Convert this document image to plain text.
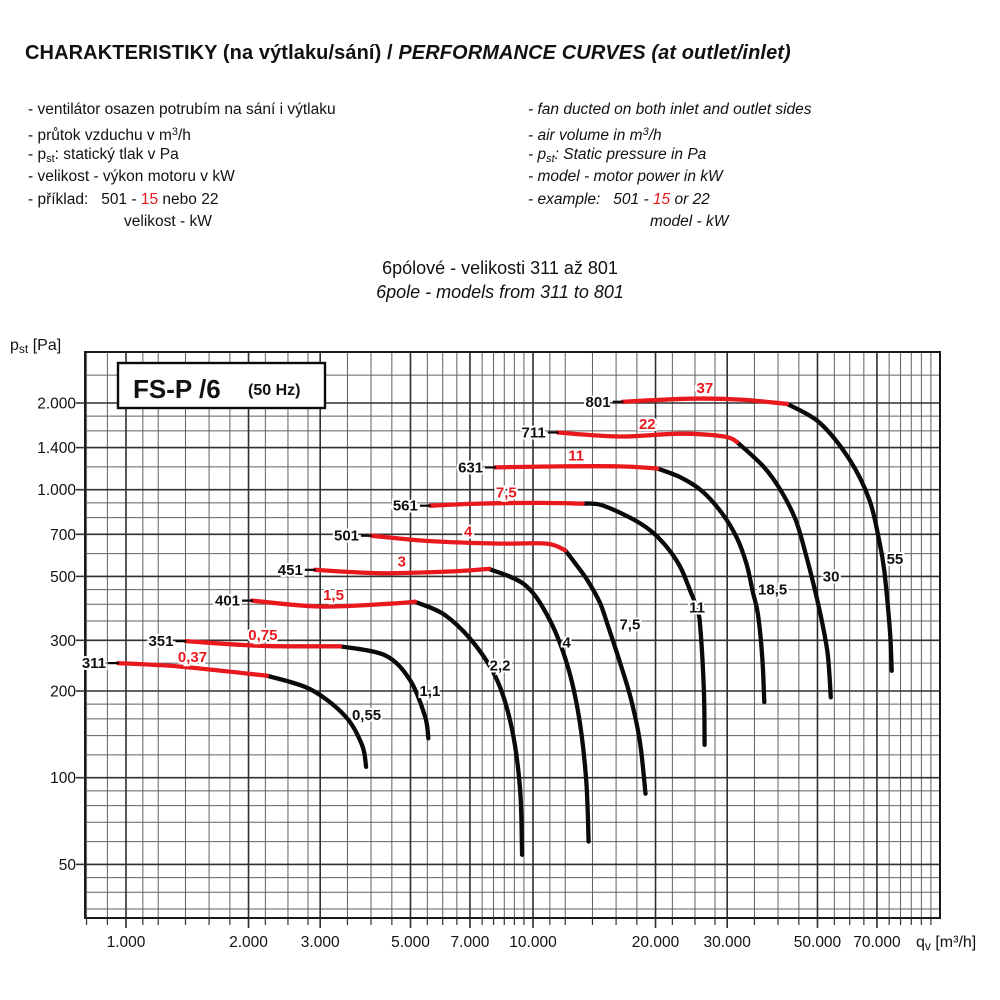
CHARAKTERISTIKY (na výtlaku/sání) / PERFORMANCE CURVES (at outlet/inlet)
- ventilátor osazen potrubím na sání i výtlaku
- průtok vzduchu v $m^3/h$
- $p_{st}$: statický tlak v Pa
- velikost - výkon motoru v kW
- příklad:   501 - 15 nebo 22
velikost - kW
- fan ducted on both inlet and outlet sides
- air volume in $m^3/h$
- $p_{st}$: Static pressure in Pa
- model - motor power in kW
- example:   501 - 15 or 22
model - kW
6pólové - velikosti 311 až 801
6pole - models from 311 to 801
1.000	2.000 3.000	5.000 7.000 10.000	20.000 30.000	50.000 70.000
2.000
1.400
1.000
700
500
300
200
100
50
pst [Pa]
qv [m³/h]
FS-P /6 (50 Hz)
311	0,37
0,55
351	0,75
1,1
401	1,5
2,2
451	3
4
501	4
7,5
561
7,5
11
631
11
18,5
711	22
30
801
37
55
